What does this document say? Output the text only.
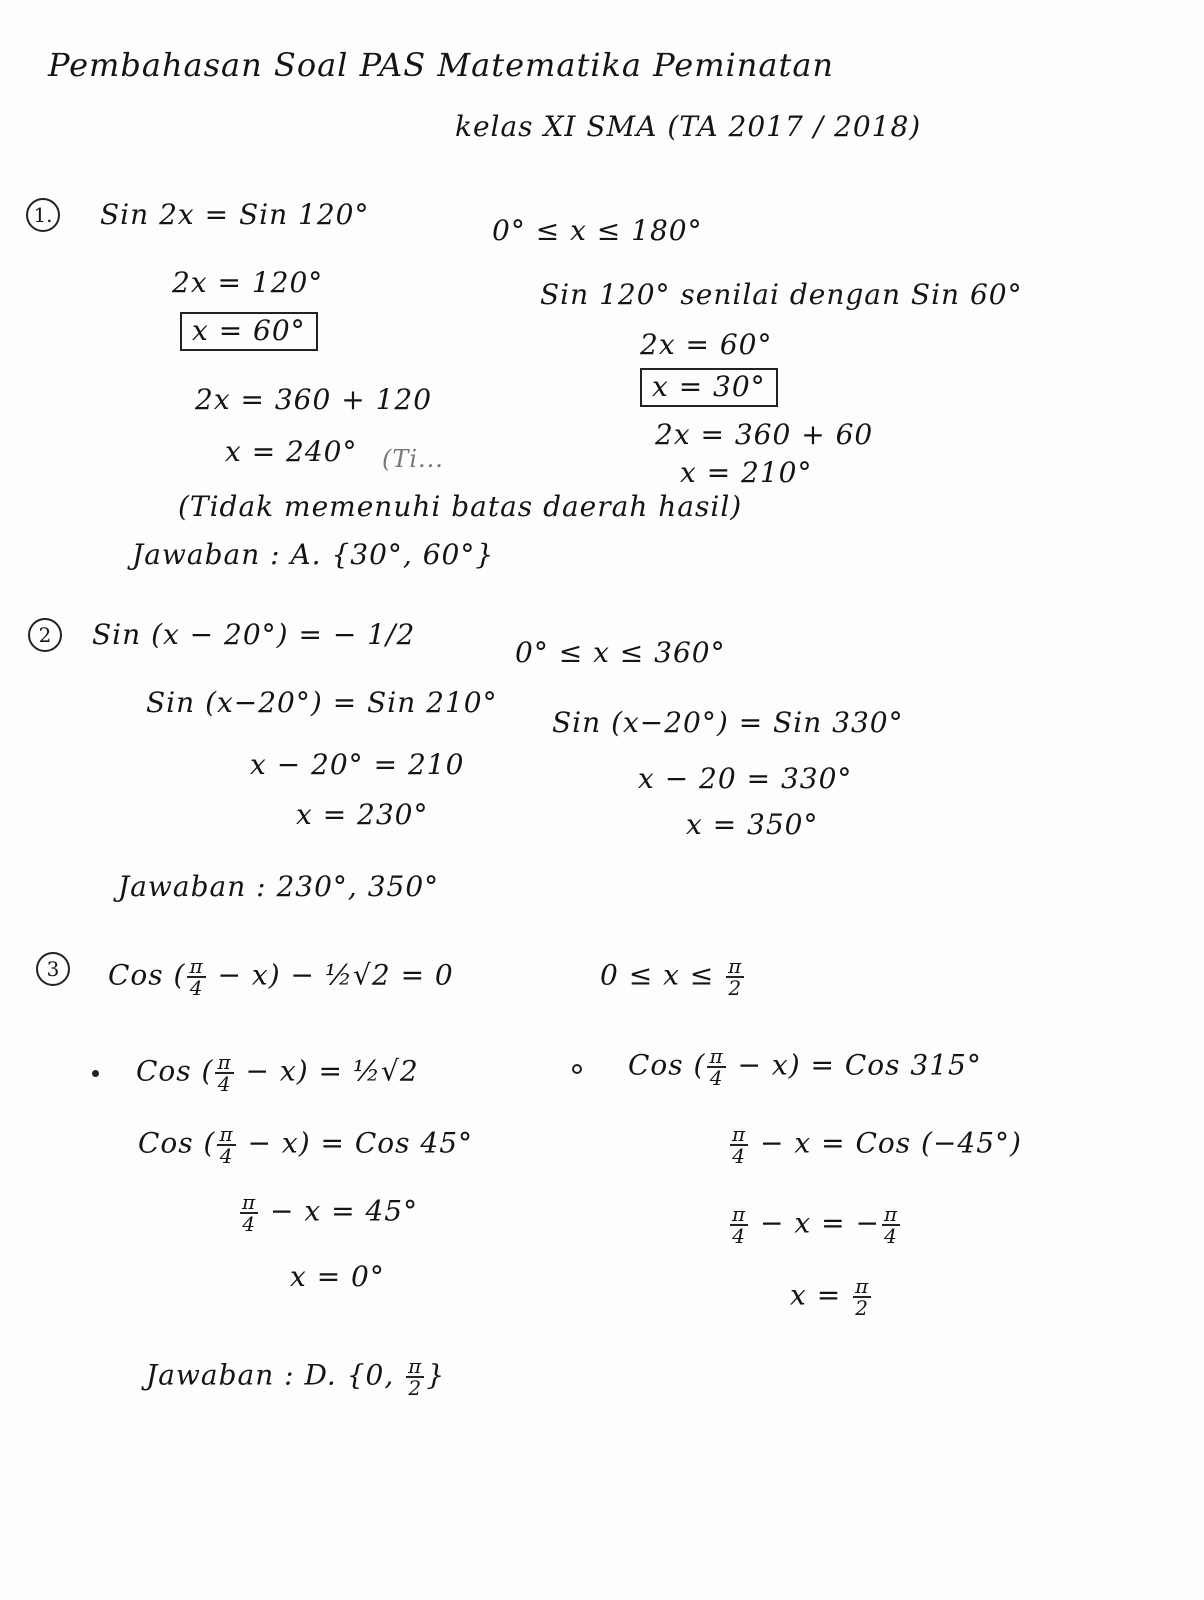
Pembahasan Soal PAS Matematika Peminatan
kelas XI SMA (TA 2017 / 2018)
1. Sin 2x = Sin 120°	0° ≤ x ≤ 180°
2x = 120°
x = 60°
2x = 360 + 120
x = 240° (Ti...
Sin 120° senilai dengan Sin 60°
2x = 60°
x = 30°
2x = 360 + 60
x = 210°
(Tidak memenuhi batas daerah hasil)
Jawaban : A. {30°, 60°}
2	Sin (x − 20°) = − 1/2
0° ≤ x ≤ 360°
Sin (x−20°) = Sin 210°
x − 20° = 210
x = 230°
Sin (x−20°) = Sin 330°
x − 20 = 330°
x = 350°
Jawaban : 230°, 350°
3	Cos ( $\frac{\pi}{4} - x$) − ½√2 = 0	$0 \le x \le \frac{\pi}{2}$
Cos ( $\frac{\pi}{4} - x$) = ½√2
Cos ( $\frac{\pi}{4} - x$) = Cos 45°
$\frac{\pi}{4} - x = 45^\circ$
x = 0°
Cos ( $\frac{\pi}{4} - x$) = Cos 315°
$\frac{\pi}{4} - x$ = Cos (−45°)
$\frac{\pi}{4} - x$ = − $\frac{\pi}{4}$
$x = \frac{\pi}{2}$
Jawaban : D. {0, $\frac{\pi}{2}$ }
